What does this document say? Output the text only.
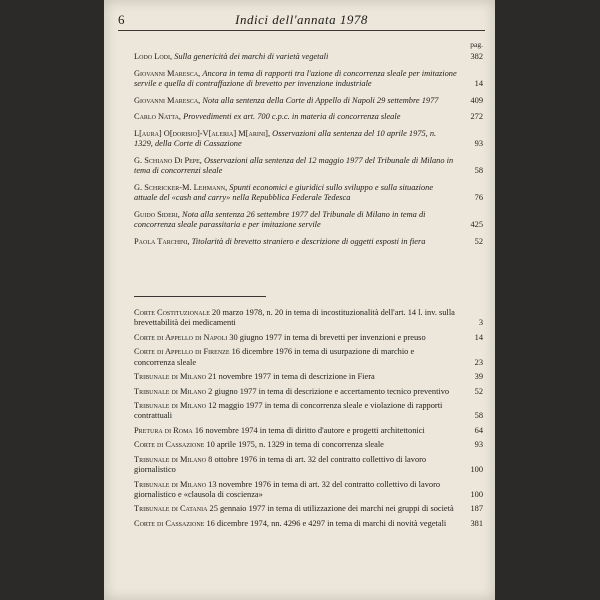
6	Indici dell'annata 1978
pag.
Lodo Lodi, Sulla genericità dei marchi di varietà vegetali	382
Giovanni Maresca, Ancora in tema di rapporti tra l'azione di concorrenza sleale per imitazione servile e quella di contraffazione di brevetto per invenzione industriale	14
Giovanni Maresca, Nota alla sentenza della Corte di Appello di Napoli 29 settembre 1977	409
Carlo Natta, Provvedimenti ex art. 700 c.p.c. in materia di concorrenza sleale	272
L[aura] O[dorisio]-V[aleria] M[arini], Osservazioni alla sentenza del 10 aprile 1975, n. 1329, della Corte di Cassazione	93
G. Schiano Di Pepe, Osservazioni alla sentenza del 12 maggio 1977 del Tribunale di Milano in tema di concorrenzi sleale	58
G. Schricker-M. Lehmann, Spunti economici e giuridici sullo sviluppo e sulla situazione attuale del «cash and carry» nella Repubblica Federale Tedesca	76
Guido Sideri, Nota alla sentenza 26 settembre 1977 del Tribunale di Milano in tema di concorrenza sleale parassitaria e per imitazione servile	425
Paola Tarchini, Titolarità di brevetto straniero e descrizione di oggetti esposti in fiera	52
Corte Costituzionale 20 marzo 1978, n. 20 in tema di incostituzionalità dell'art. 14 l. inv. sulla brevettabilità dei medicamenti	3
Corte di Appello di Napoli 30 giugno 1977 in tema di brevetti per invenzioni e preuso	14
Corte di Appello di Firenze 16 dicembre 1976 in tema di usurpazione di marchio e concorrenza sleale	23
Tribunale di Milano 21 novembre 1977 in tema di descrizione in Fiera	39
Tribunale di Milano 2 giugno 1977 in tema di descrizione e accertamento tecnico preventivo	52
Tribunale di Milano 12 maggio 1977 in tema di concorrenza sleale e violazione di rapporti contrattuali	58
Pretura di Roma 16 novembre 1974 in tema di diritto d'autore e progetti architettonici	64
Corte di Cassazione 10 aprile 1975, n. 1329 in tema di concorrenza sleale	93
Tribunale di Milano 8 ottobre 1976 in tema di art. 32 del contratto collettivo di lavoro giornalistico	100
Tribunale di Milano 13 novembre 1976 in tema di art. 32 del contratto collettivo di lavoro giornalistico e «clausola di coscienza»	100
Tribunale di Catania 25 gennaio 1977 in tema di utilizzazione dei marchi nei gruppi di società	187
Corte di Cassazione 16 dicembre 1974, nn. 4296 e 4297 in tema di marchi di novità vegetali	381
